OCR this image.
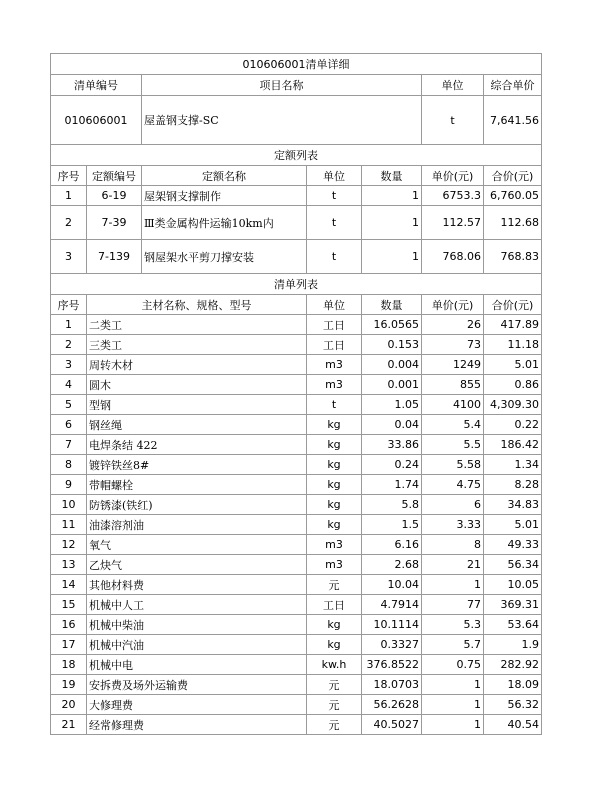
010606001清单详细						
清单编号		项目名称			单位	综合单价
010606001		屋盖钢支撑-SC			t	7,641.56
定额列表						
序号	定额编号	定额名称	单位	数量	单价(元)	合价(元)
1	6-19	屋架钢支撑制作	t	1	6753.3	6,760.05
2	7-39	Ⅲ类金属构件运输10km内	t	1	112.57	112.68
3	7-139	钢屋架水平剪刀撑安装	t	1	768.06	768.83
清单列表						
序号	主材名称、规格、型号		单位	数量	单价(元)	合价(元)
1	二类工		工日	16.0565	26	417.89
2	三类工		工日	0.153	73	11.18
3	周转木材		m3	0.004	1249	5.01
4	圆木		m3	0.001	855	0.86
5	型钢		t	1.05	4100	4,309.30
6	钢丝绳		kg	0.04	5.4	0.22
7	电焊条结 422		kg	33.86	5.5	186.42
8	镀锌铁丝8#		kg	0.24	5.58	1.34
9	带帽螺栓		kg	1.74	4.75	8.28
10	防锈漆(铁红)		kg	5.8	6	34.83
11	油漆溶剂油		kg	1.5	3.33	5.01
12	氧气		m3	6.16	8	49.33
13	乙炔气		m3	2.68	21	56.34
14	其他材料费		元	10.04	1	10.05
15	机械中人工		工日	4.7914	77	369.31
16	机械中柴油		kg	10.1114	5.3	53.64
17	机械中汽油		kg	0.3327	5.7	1.9
18	机械中电		kw.h	376.8522	0.75	282.92
19	安拆费及场外运输费		元	18.0703	1	18.09
20	大修理费		元	56.2628	1	56.32
21	经常修理费		元	40.5027	1	40.54
